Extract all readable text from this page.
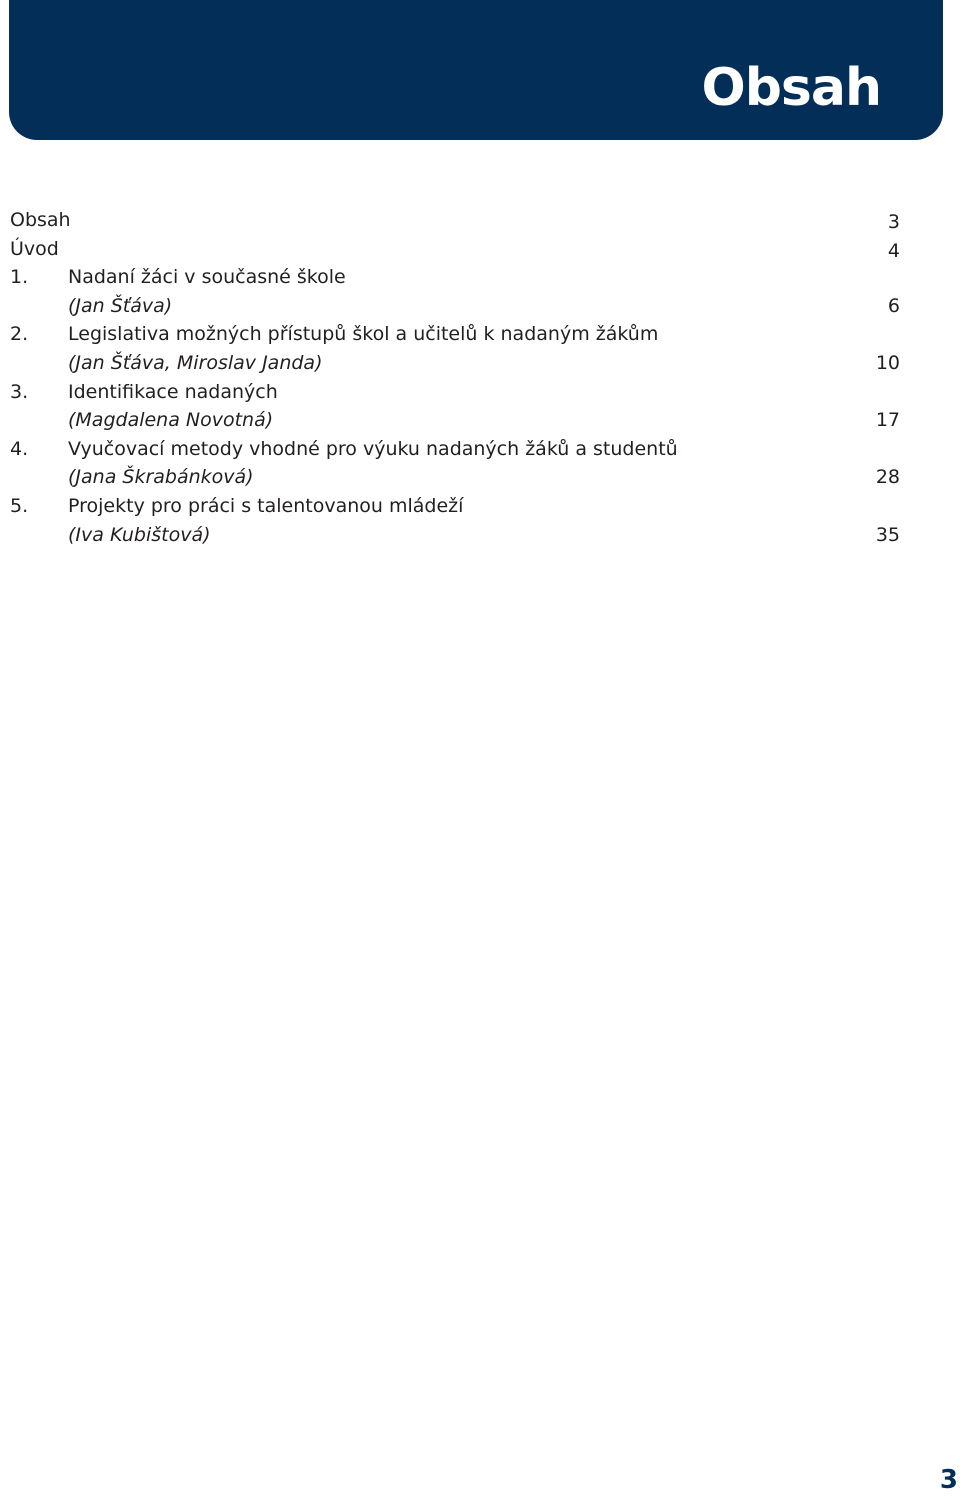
Obsah
Obsah	3
Úvod	4
1. Nadaní žáci v současné škole
(Jan Šťáva)	6
2. Legislativa možných přístupů škol a učitelů k nadaným žákům
(Jan Šťáva, Miroslav Janda)	10
3. Identifikace nadaných
(Magdalena Novotná)	17
4. Vyučovací metody vhodné pro výuku nadaných žáků a studentů
(Jana Škrabánková)	28
5. Projekty pro práci s talentovanou mládeží
(Iva Kubištová)	35
3
